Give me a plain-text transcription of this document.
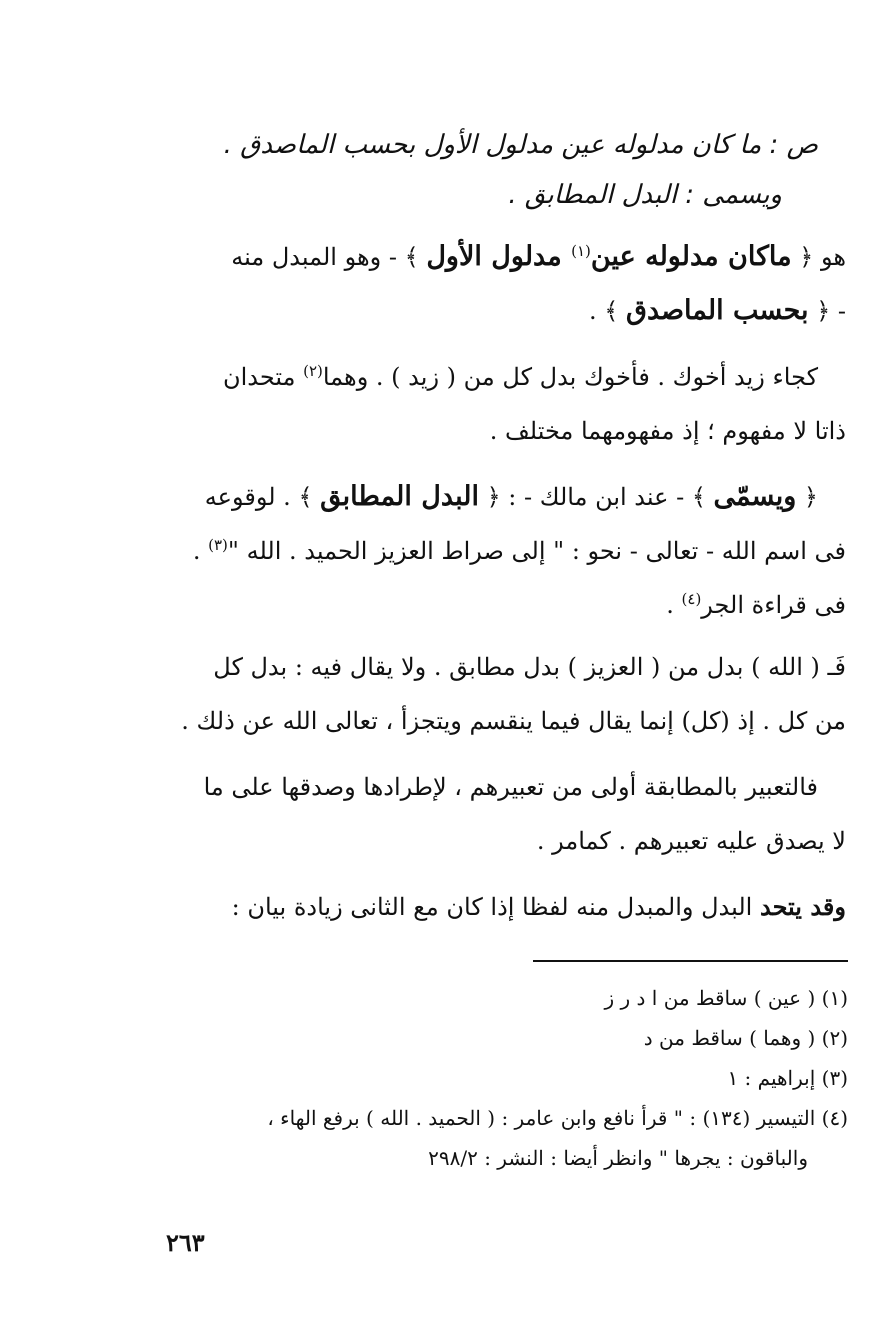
ص : ما كان مدلوله عين مدلول الأول بحسب الماصدق .
ويسمى : البدل المطابق .
هو ﴿ ماكان مدلوله عين$^{(١)}$ مدلول الأول ﴾ - وهو المبدل منه
- ﴿ بحسب الماصدق ﴾ .
كجاء زيد أخوك . فأخوك بدل كل من ( زيد ) . وهما$^{(٢)}$ متحدان
ذاتا لا مفهوم ؛ إذ مفهومهما مختلف .
﴿ ويسمّى ﴾ - عند ابن مالك - : ﴿ البدل المطابق ﴾ . لوقوعه
فى اسم الله - تعالى - نحو : " إلى صراط العزيز الحميد . الله "$^{(٣)}$ .
فى قراءة الجر$^{(٤)}$ .
فَـ ( الله ) بدل من ( العزيز ) بدل مطابق . ولا يقال فيه : بدل كل
من كل . إذ (كل) إنما يقال فيما ينقسم ويتجزأ ، تعالى الله عن ذلك .
فالتعبير بالمطابقة أولى من تعبيرهم ، لإطرادها وصدقها على ما
لا يصدق عليه تعبيرهم . كمامر .
وقد يتحد البدل والمبدل منه لفظا إذا كان مع الثانى زيادة بيان :
(١) ( عين ) ساقط من ا د ر ز
(٢) ( وهما ) ساقط من د
(٣) إبراهيم : ١
(٤) التيسير (١٣٤) : " قرأ نافع وابن عامر : ( الحميد . الله ) برفع الهاء ،
والباقون : يجرها " وانظر أيضا : النشر : ٢٩٨/٢
٢٦٣
